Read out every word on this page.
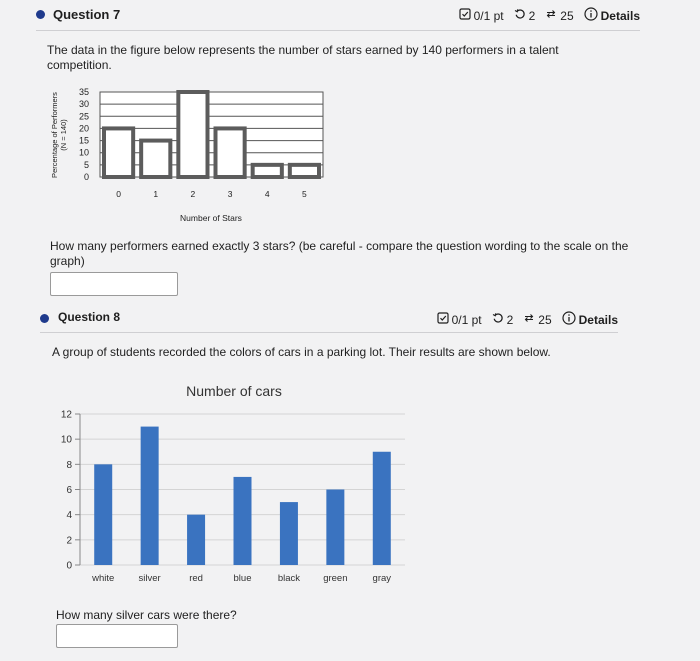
Question 7	0/1 pt 2 25 Details
The data in the figure below represents the number of stars earned by 140 performers in a talent competition.
Percentage of Performers (N = 140)
0
5
10
15
20
25
30
35
0	1	2	3	4	5
Number of Stars
How many performers earned exactly 3 stars? (be careful - compare the question wording to the scale on the graph)
Question 8	0/1 pt 2 25 Details
A group of students recorded the colors of cars in a parking lot. Their results are shown below.
Number of cars
0
2
4
6
8
10
12
white	silver	red	blue	black green	gray
How many silver cars were there?
